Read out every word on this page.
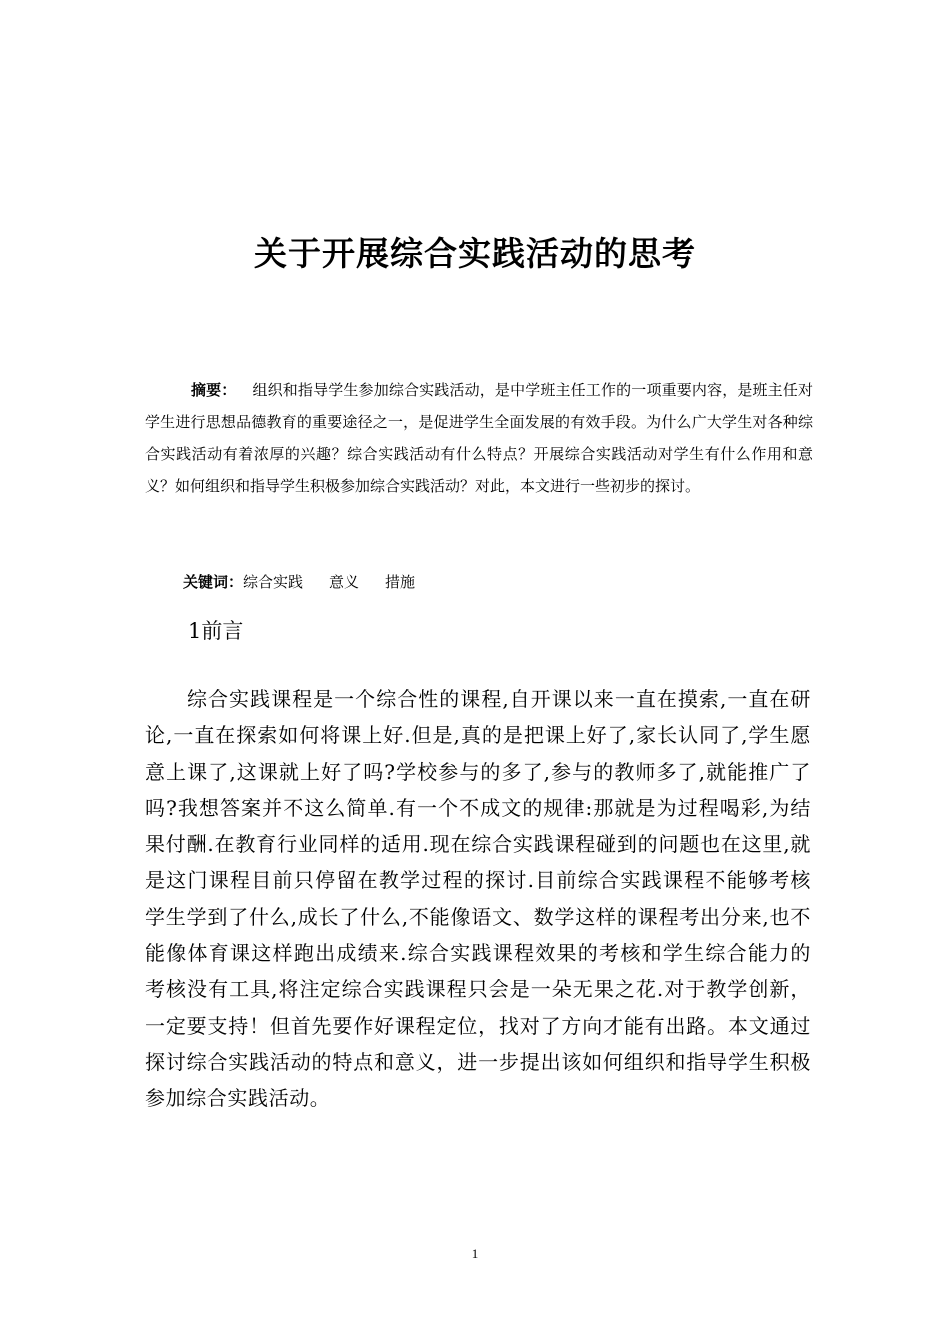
关于开展综合实践活动的思考
摘要： 组织和指导学生参加综合实践活动，是中学班主任工作的一项重要内容，是班主任对学生进行思想品德教育的重要途径之一，是促进学生全面发展的有效手段。为什么广大学生对各种综合实践活动有着浓厚的兴趣？综合实践活动有什么特点？开展综合实践活动对学生有什么作用和意义？如何组织和指导学生积极参加综合实践活动？对此，本文进行一些初步的探讨。
关键词：综合实践 意义 措施
1前言
综合实践课程是一个综合性的课程,自开课以来一直在摸索,一直在研论,一直在探索如何将课上好.但是,真的是把课上好了,家长认同了,学生愿意上课了,这课就上好了吗?学校参与的多了,参与的教师多了,就能推广了吗?我想答案并不这么简单.有一个不成文的规律:那就是为过程喝彩,为结果付酬.在教育行业同样的适用.现在综合实践课程碰到的问题也在这里,就是这门课程目前只停留在教学过程的探讨.目前综合实践课程不能够考核学生学到了什么,成长了什么,不能像语文、数学这样的课程考出分来,也不能像体育课这样跑出成绩来.综合实践课程效果的考核和学生综合能力的考核没有工具,将注定综合实践课程只会是一朵无果之花.对于教学创新，一定要支持！但首先要作好课程定位，找对了方向才能有出路。本文通过探讨综合实践活动的特点和意义，进一步提出该如何组织和指导学生积极参加综合实践活动。
1
